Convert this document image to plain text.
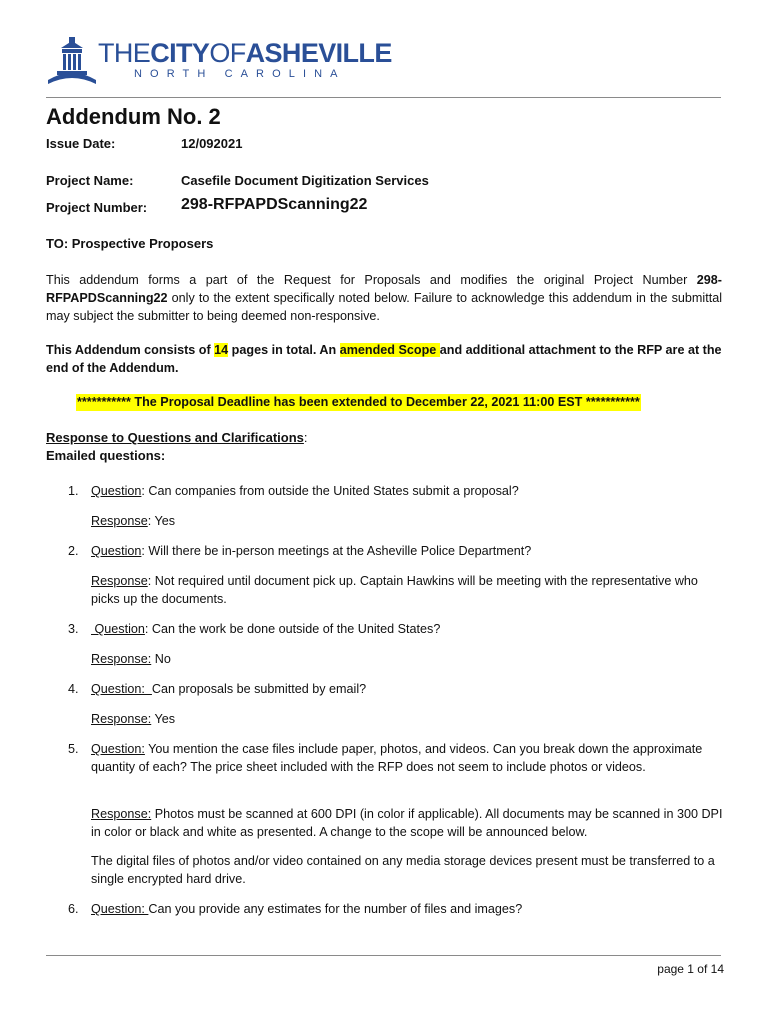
THECITYOFASHEVILLE
NORTH CAROLINA
Addendum No. 2
Issue Date:	12/092021
Project Name:	Casefile Document Digitization Services
Project Number: 298-RFPAPDScanning22
TO: Prospective Proposers
This addendum forms a part of the Request for Proposals and modifies the original Project Number 298-RFPAPDScanning22 only to the extent specifically noted below. Failure to acknowledge this addendum in the submittal may subject the submitter to being deemed non-responsive.
This Addendum consists of 14 pages in total. An amended Scope and additional attachment to the RFP are at the end of the Addendum.
*********** The Proposal Deadline has been extended to December 22, 2021 11:00 EST ***********
Response to Questions and Clarifications:
Emailed questions:
1. Question: Can companies from outside the United States submit a proposal?
Response: Yes
2. Question: Will there be in-person meetings at the Asheville Police Department?
Response: Not required until document pick up. Captain Hawkins will be meeting with the representative who picks up the documents.
3. Question: Can the work be done outside of the United States?
Response: No
4. Question:  Can proposals be submitted by email?
Response: Yes
5. Question: You mention the case files include paper, photos, and videos. Can you break down the approximate quantity of each? The price sheet included with the RFP does not seem to include photos or videos.
Response: Photos must be scanned at 600 DPI (in color if applicable). All documents may be scanned in 300 DPI in color or black and white as presented. A change to the scope will be announced below.
The digital files of photos and/or video contained on any media storage devices present must be transferred to a single encrypted hard drive.
6. Question: Can you provide any estimates for the number of files and images?
page 1 of 14
